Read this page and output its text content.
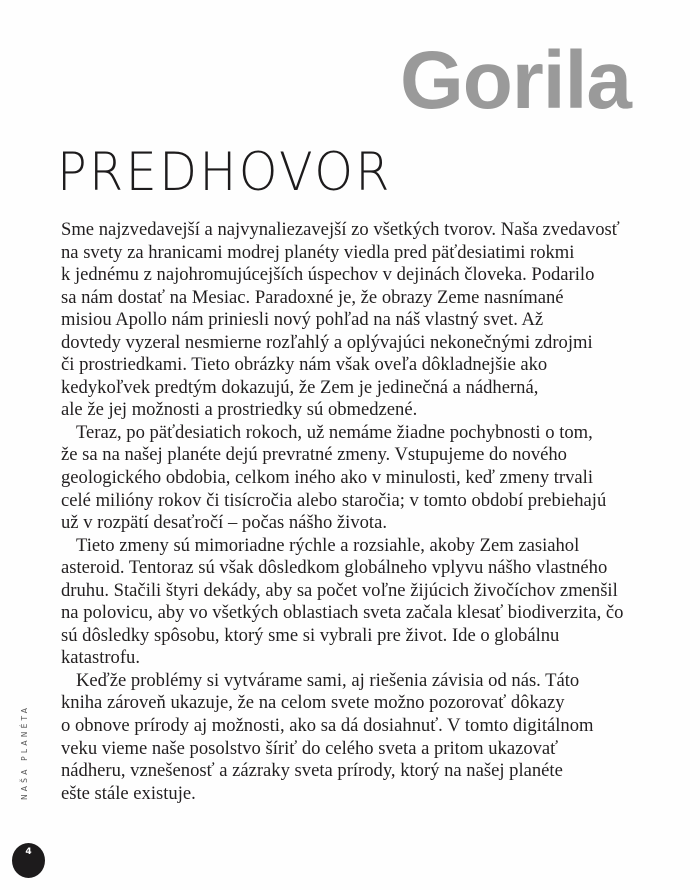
Gorila
PREDHOVOR
Sme najzvedavejší a najvynaliezavejší zo všetkých tvorov. Naša zvedavosť
na svety za hranicami modrej planéty viedla pred päťdesiatimi rokmi
k jednému z najohromujúcejších úspechov v dejinách človeka. Podarilo
sa nám dostať na Mesiac. Paradoxné je, že obrazy Zeme nasnímané
misiou Apollo nám priniesli nový pohľad na náš vlastný svet. Až
dovtedy vyzeral nesmierne rozľahlý a oplývajúci nekonečnými zdrojmi
či prostriedkami. Tieto obrázky nám však oveľa dôkladnejšie ako
kedykoľvek predtým dokazujú, že Zem je jedinečná a nádherná,
ale že jej možnosti a prostriedky sú obmedzené.
Teraz, po päťdesiatich rokoch, už nemáme žiadne pochybnosti o tom,
že sa na našej planéte dejú prevratné zmeny. Vstupujeme do nového
geologického obdobia, celkom iného ako v minulosti, keď zmeny trvali
celé milióny rokov či tisícročia alebo staročia; v tomto období prebiehajú
už v rozpätí desaťročí – počas nášho života.
Tieto zmeny sú mimoriadne rýchle a rozsiahle, akoby Zem zasiahol
asteroid. Tentoraz sú však dôsledkom globálneho vplyvu nášho vlastného
druhu. Stačili štyri dekády, aby sa počet voľne žijúcich živočíchov zmenšil
na polovicu, aby vo všetkých oblastiach sveta začala klesať biodiverzita, čo
sú dôsledky spôsobu, ktorý sme si vybrali pre život. Ide o globálnu
katastrofu.
Keďže problémy si vytvárame sami, aj riešenia závisia od nás. Táto
kniha zároveň ukazuje, že na celom svete možno pozorovať dôkazy
o obnove prírody aj možnosti, ako sa dá dosiahnuť. V tomto digitálnom
veku vieme naše posolstvo šíriť do celého sveta a pritom ukazovať
nádheru, vznešenosť a zázraky sveta prírody, ktorý na našej planéte
ešte stále existuje.
NAŠA PLANÉTA
4
